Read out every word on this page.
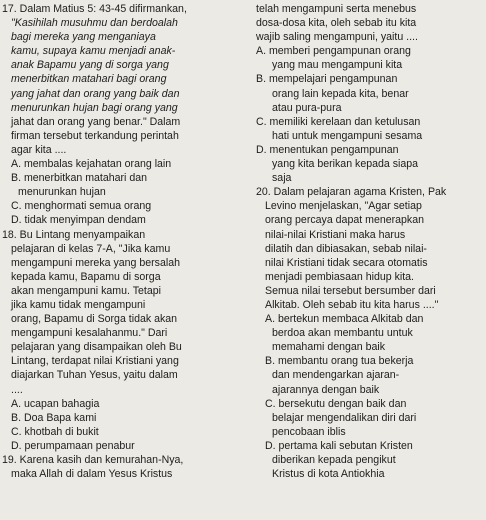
17. Dalam Matius 5: 43-45 difirmankan,
"Kasihilah musuhmu dan berdoalah
bagi mereka yang menganiaya
kamu, supaya kamu menjadi anak-
anak Bapamu yang di sorga yang
menerbitkan matahari bagi orang
yang jahat dan orang yang baik dan
menurunkan hujan bagi orang yang
jahat dan orang yang benar." Dalam
firman tersebut terkandung perintah
agar kita ....
A. membalas kejahatan orang lain
B. menerbitkan matahari dan
menurunkan hujan
C. menghormati semua orang
D. tidak menyimpan dendam
18. Bu Lintang menyampaikan
pelajaran di kelas 7-A, "Jika kamu
mengampuni mereka yang bersalah
kepada kamu, Bapamu di sorga
akan mengampuni kamu. Tetapi
jika kamu tidak mengampuni
orang, Bapamu di Sorga tidak akan
mengampuni kesalahanmu." Dari
pelajaran yang disampaikan oleh Bu
Lintang, terdapat nilai Kristiani yang
diajarkan Tuhan Yesus, yaitu dalam
....
A. ucapan bahagia
B. Doa Bapa kami
C. khotbah di bukit
D. perumpamaan penabur
19. Karena kasih dan kemurahan-Nya,
maka Allah di dalam Yesus Kristus
telah mengampuni serta menebus
dosa-dosa kita, oleh sebab itu kita
wajib saling mengampuni, yaitu ....
A. memberi pengampunan orang
yang mau mengampuni kita
B. mempelajari pengampunan
orang lain kepada kita, benar
atau pura-pura
C. memiliki kerelaan dan ketulusan
hati untuk mengampuni sesama
D. menentukan pengampunan
yang kita berikan kepada siapa
saja
20. Dalam pelajaran agama Kristen, Pak
Levino menjelaskan, "Agar setiap
orang percaya dapat menerapkan
nilai-nilai Kristiani maka harus
dilatih dan dibiasakan, sebab nilai-
nilai Kristiani tidak secara otomatis
menjadi pembiasaan hidup kita.
Semua nilai tersebut bersumber dari
Alkitab. Oleh sebab itu kita harus ...."
A. bertekun membaca Alkitab dan
berdoa akan membantu untuk
memahami dengan baik
B. membantu orang tua bekerja
dan mendengarkan ajaran-
ajarannya dengan baik
C. bersekutu dengan baik dan
belajar mengendalikan diri dari
pencobaan iblis
D. pertama kali sebutan Kristen
diberikan kepada pengikut
Kristus di kota Antiokhia
